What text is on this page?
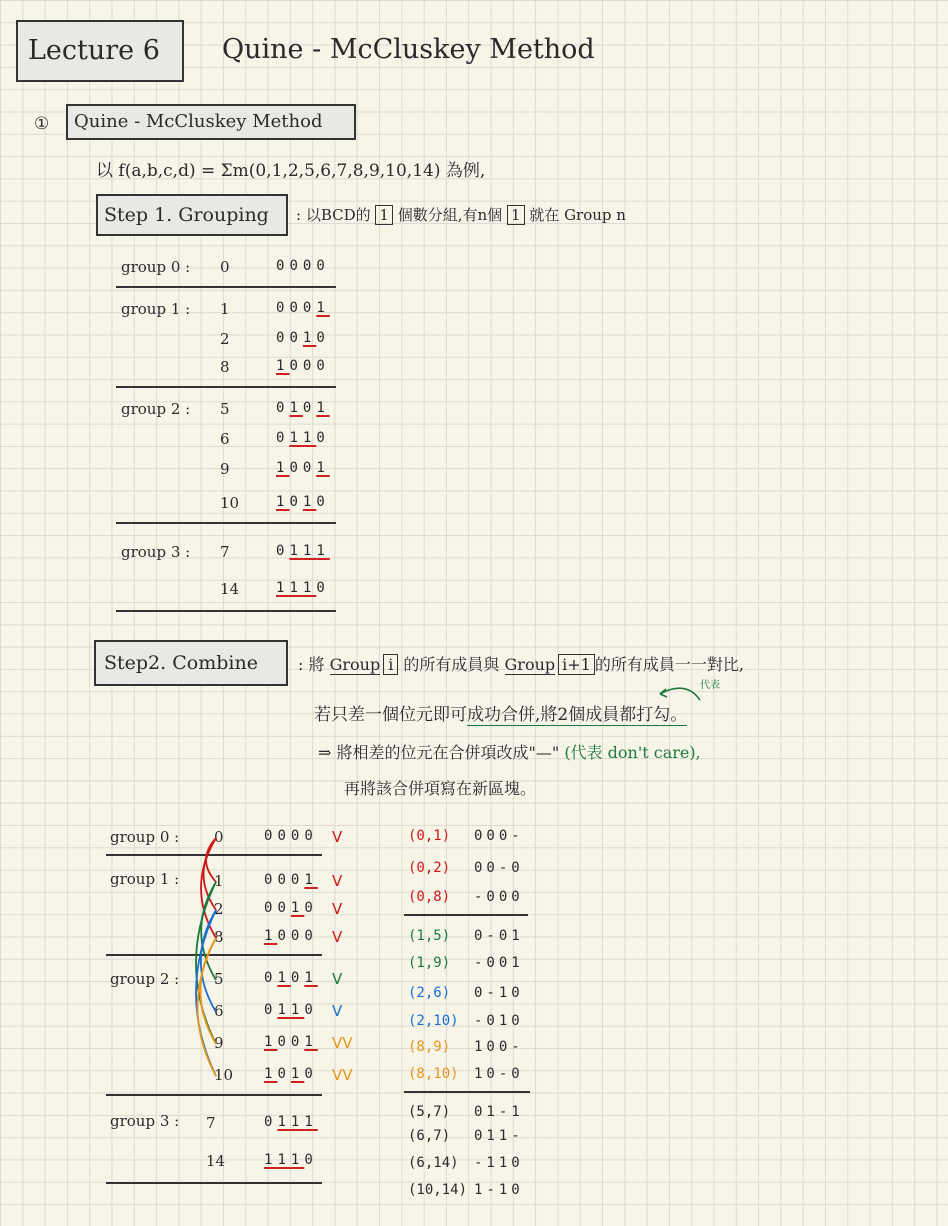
Lecture 6	Quine - McCluskey Method
①	Quine - McCluskey Method
以 f(a,b,c,d) = Σm(0,1,2,5,6,7,8,9,10,14) 為例,
Step 1. Grouping	: 以BCD的 1 個數分組,有n個 1 就在 Group n
group 0 : 0	0000
group 1 : 1	0001
2	0010
8	1000
group 2 : 5	0101
6	0110
9	1001
10	1010
group 3 : 7	0111
14	1110
Step2. Combine	: 將 Group i 的所有成員與 Group i+1 的所有成員一一對比,
代表
若只差一個位元即可成功合併,將2個成員都打勾。
⇒ 將相差的位元在合併項改成"—" (代表 don't care),
再將該合併項寫在新區塊。
group 0 : 0	0000 V
group 1 : 1	0001 V
2	0010 V
8	1000 V
group 2 : 5	0101 V
6	0110 V
9	1001 VV
10 1010 VV
group 3 : 7	0111
14	1110
(0,1) 000-
(0,2) 00-0
(0,8) -000
(1,5) 0-01
(1,9) -001
(2,6) 0-10
(2,10) -010
(8,9) 100-
(8,10) 10-0
(5,7) 01-1
(6,7) 011-
(6,14) -110
(10,14) 1-10
